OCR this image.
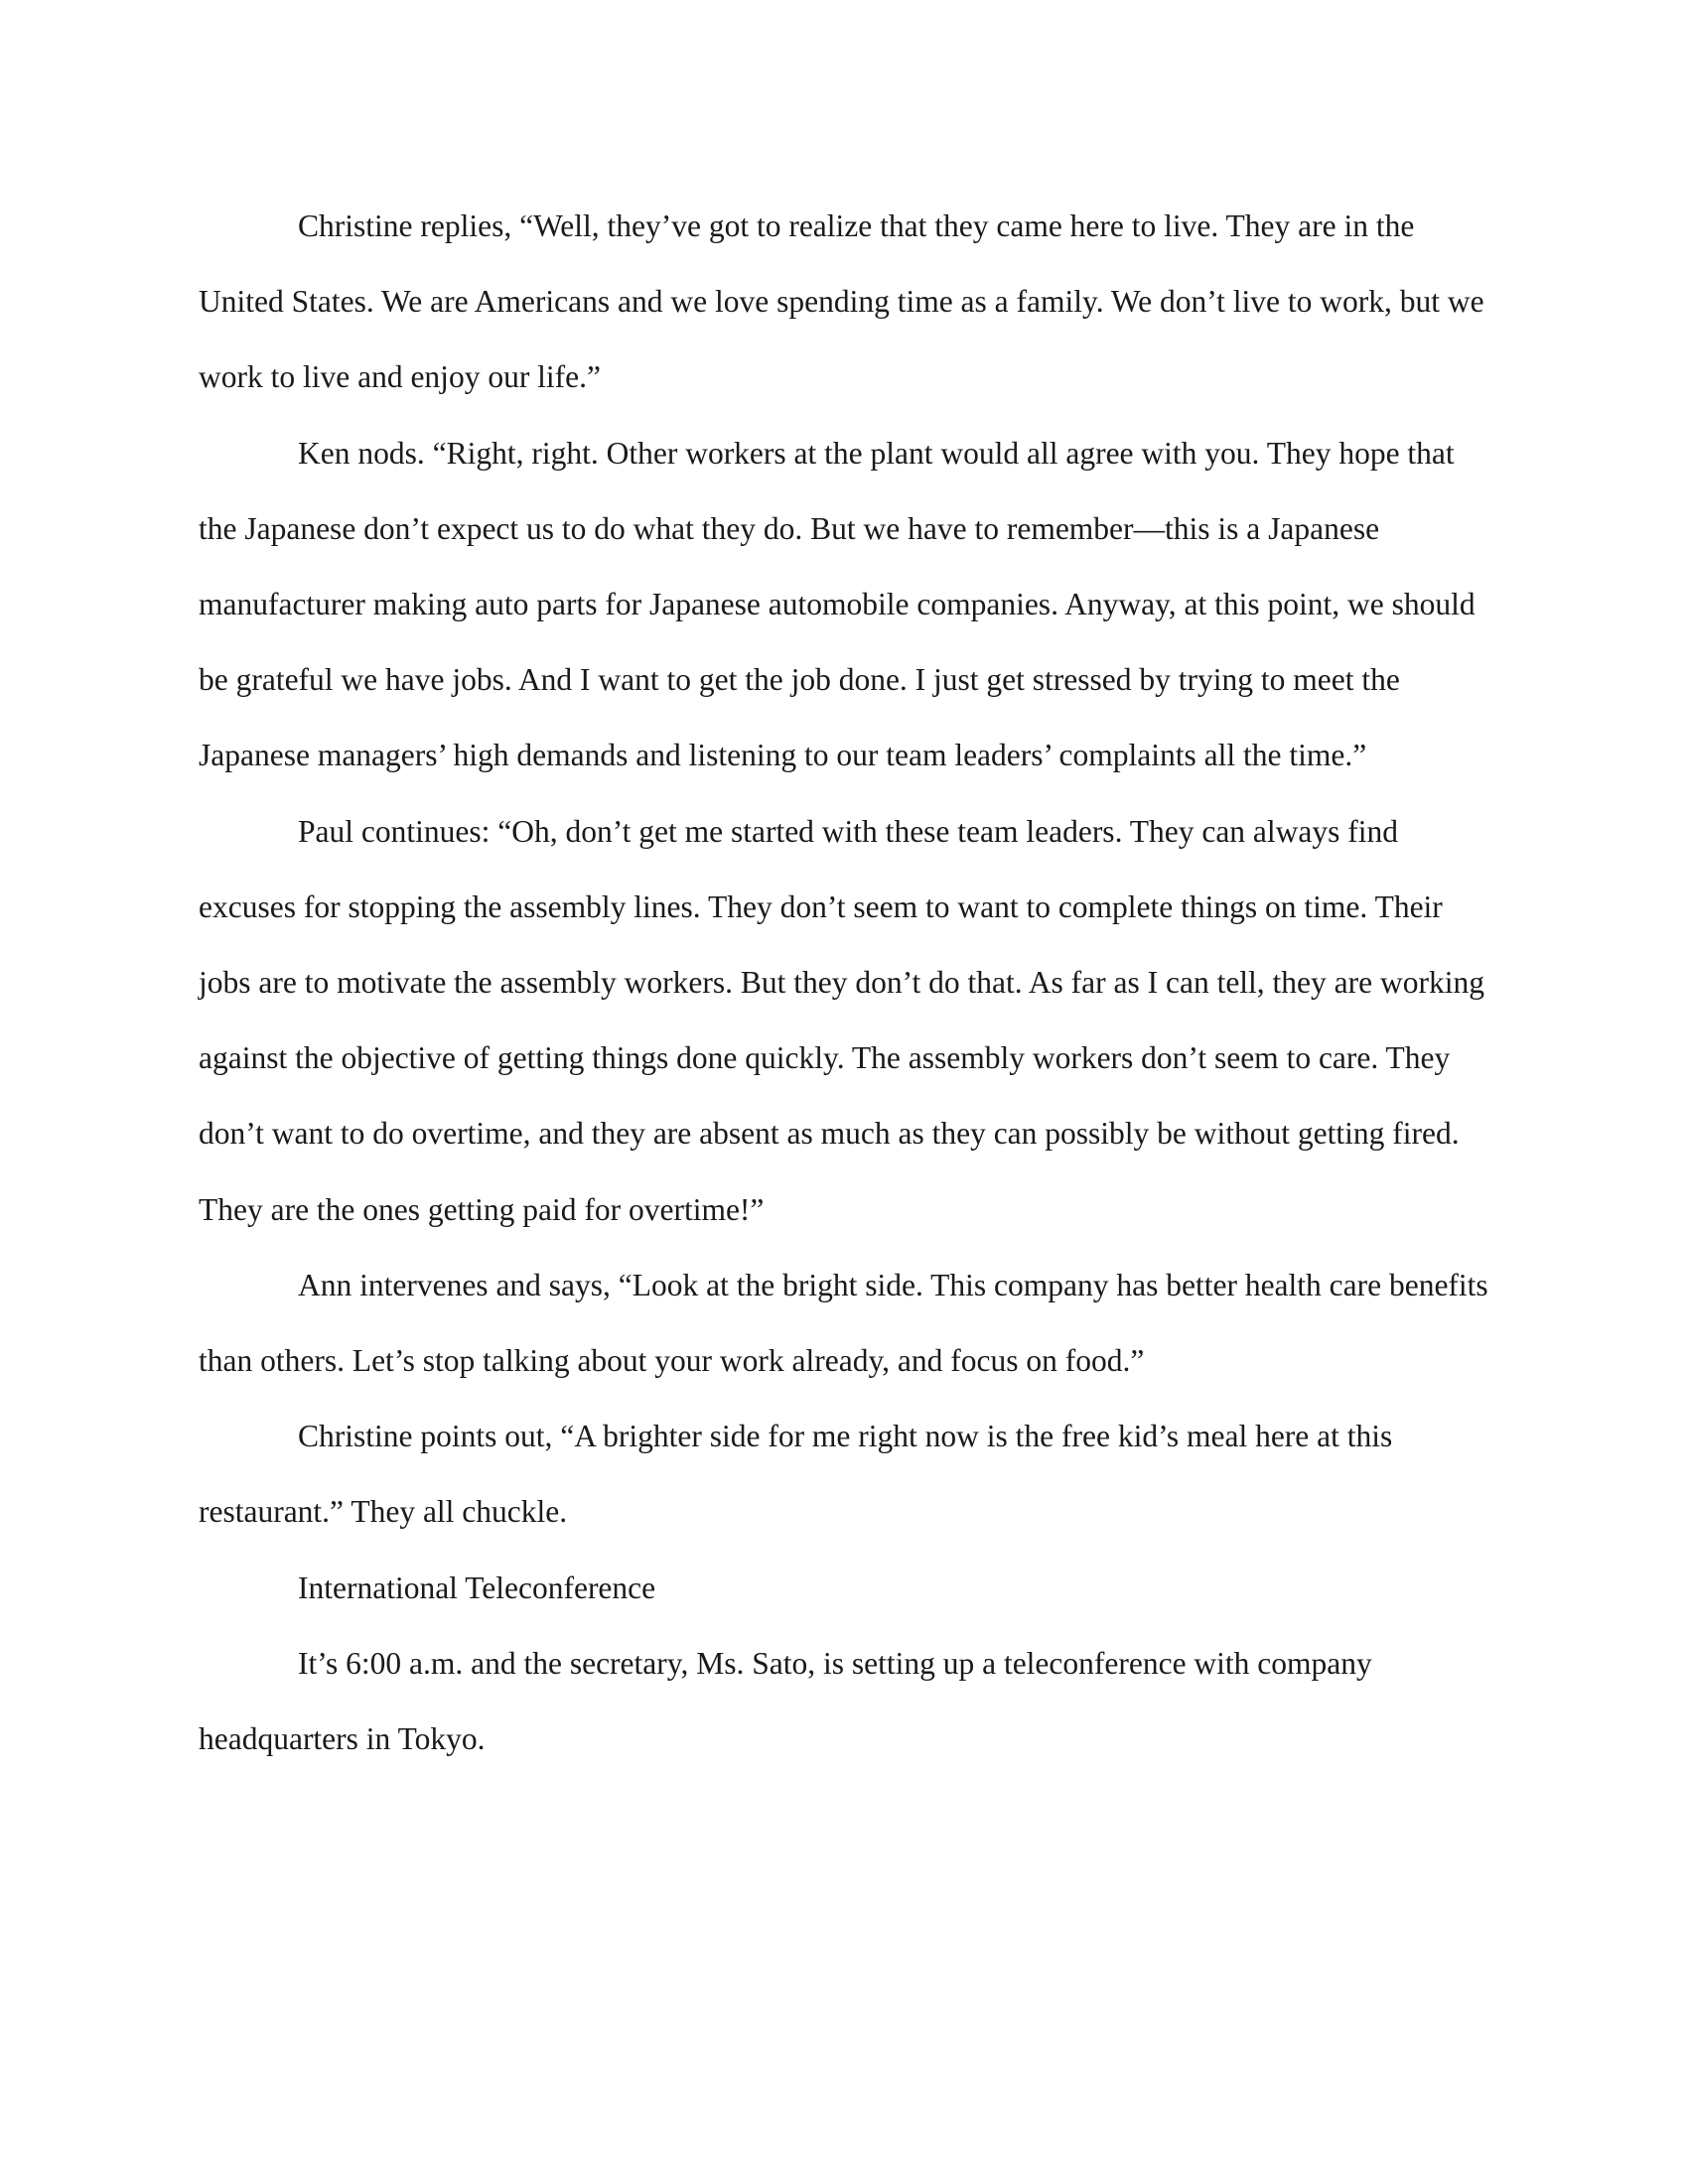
Christine replies, “Well, they’ve got to realize that they came here to live. They are in the United States. We are Americans and we love spending time as a family. We don’t live to work, but we work to live and enjoy our life.”

Ken nods. “Right, right. Other workers at the plant would all agree with you. They hope that the Japanese don’t expect us to do what they do. But we have to remember—this is a Japanese manufacturer making auto parts for Japanese automobile companies. Anyway, at this point, we should be grateful we have jobs. And I want to get the job done. I just get stressed by trying to meet the Japanese managers’ high demands and listening to our team leaders’ complaints all the time.”

Paul continues: “Oh, don’t get me started with these team leaders. They can always find excuses for stopping the assembly lines. They don’t seem to want to complete things on time. Their jobs are to motivate the assembly workers. But they don’t do that. As far as I can tell, they are working against the objective of getting things done quickly. The assembly workers don’t seem to care. They don’t want to do overtime, and they are absent as much as they can possibly be without getting fired. They are the ones getting paid for overtime!”

Ann intervenes and says, “Look at the bright side. This company has better health care benefits than others. Let’s stop talking about your work already, and focus on food.”

Christine points out, “A brighter side for me right now is the free kid’s meal here at this restaurant.” They all chuckle.

International Teleconference

It’s 6:00 a.m. and the secretary, Ms. Sato, is setting up a teleconference with company headquarters in Tokyo.
